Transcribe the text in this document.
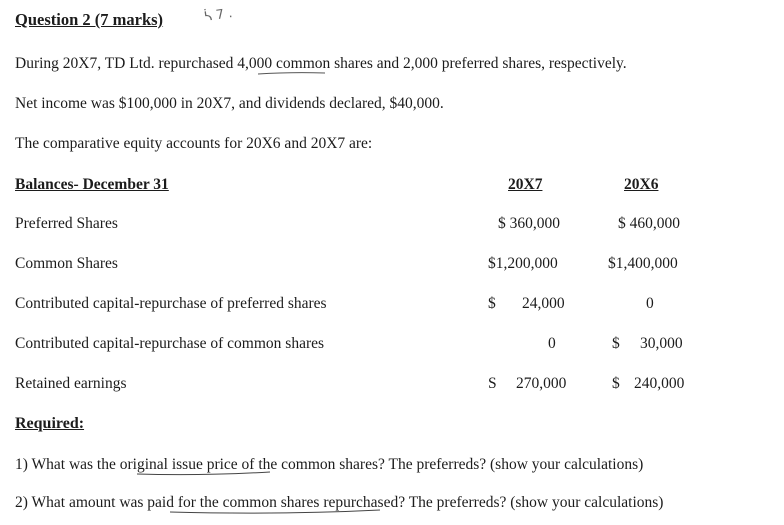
Question 2 (7 marks)	ᓵ 7 .
During 20X7, TD Ltd. repurchased 4,000 common shares and 2,000 preferred shares, respectively.
Net income was $100,000 in 20X7, and dividends declared, $40,000.
The comparative equity accounts for 20X6 and 20X7 are:
Balances- December 31	20X7	20X6
Preferred Shares	$ 360,000	$ 460,000
Common Shares	$1,200,000	$1,400,000
Contributed capital-repurchase of preferred shares	$ 24,000	0
Contributed capital-repurchase of common shares	0	$ 30,000
Retained earnings	S 270,000	$ 240,000
Required:
1) What was the original issue price of the common shares? The preferreds? (show your calculations)
2) What amount was paid for the common shares repurchased? The preferreds? (show your calculations)
